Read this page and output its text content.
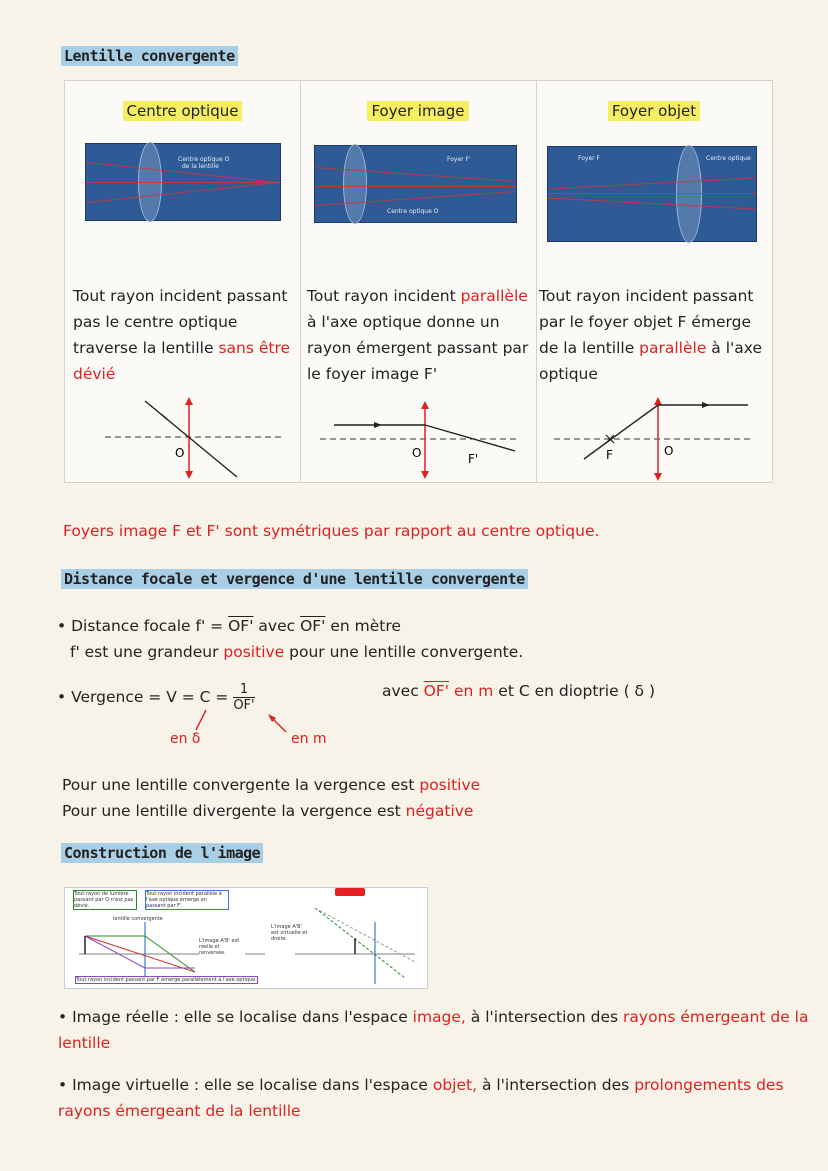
Lentille convergente
Centre optique
Centre optique O
de la lentille
Tout rayon incident passant pas le centre optique traverse la lentille sans être dévié
O
Foyer image
Foyer F'
Centre optique O
Tout rayon incident parallèle à l'axe optique donne un rayon émergent passant par le foyer image F'
O	F'
Foyer objet
Foyer F	Centre optique
Tout rayon incident passant par le foyer objet F émerge de la lentille parallèle à l'axe optique
F	O
Foyers image F et F' sont symétriques par rapport au centre optique.
Distance focale et vergence d'une lentille convergente
• Distance focale f' = OF' avec OF' en mètre
f' est une grandeur positive pour une lentille convergente.
• Vergence = $V = C = \frac{1}{OF'}$	avec OF' en m et C en dioptrie ( δ )
en δ	en m
Pour une lentille convergente la vergence est positive
Pour une lentille divergente la vergence est négative
Construction de l'image
Tout rayon de lumière passant par O n'est pas dévié.
Tout rayon incident parallèle à l'axe optique émerge en passant par F'.
lentille convergente
L'image A'B' est réelle et renversée.
Tout rayon incident passant par F émerge parallèlement à l'axe optique.
L'image A'B' est virtuelle et droite.
• Image réelle : elle se localise dans l'espace image, à l'intersection des rayons émergeant de la lentille
• Image virtuelle : elle se localise dans l'espace objet, à l'intersection des prolongements des rayons émergeant de la lentille
